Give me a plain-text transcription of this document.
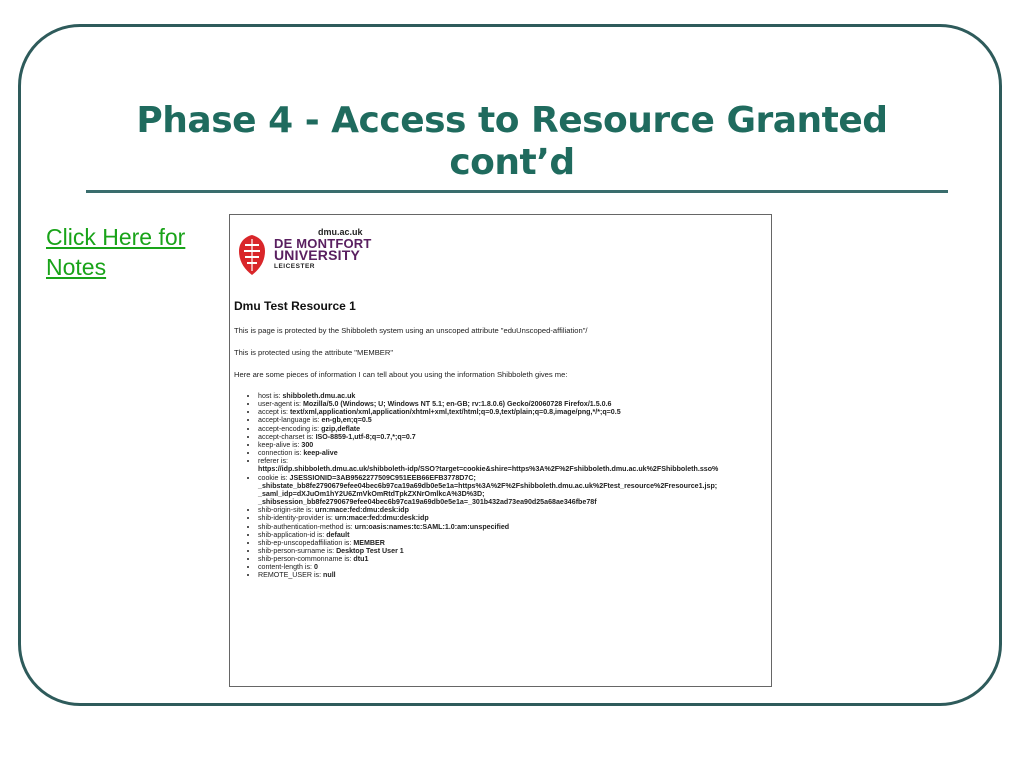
Phase 4 - Access to Resource Granted
cont’d
Click Here for Notes
dmu.ac.uk
DE MONTFORT
UNIVERSITY
LEICESTER
Dmu Test Resource 1
This is page is protected by the Shibboleth system using an unscoped attribute "eduUnscoped-affiliation"/
This is protected using the attribute "MEMBER"
Here are some pieces of information I can tell about you using the information Shibboleth gives me:
• host is: shibboleth.dmu.ac.uk
• user-agent is: Mozilla/5.0 (Windows; U; Windows NT 5.1; en-GB; rv:1.8.0.6) Gecko/20060728 Firefox/1.5.0.6
• accept is: text/xml,application/xml,application/xhtml+xml,text/html;q=0.9,text/plain;q=0.8,image/png,*/*;q=0.5
• accept-language is: en-gb,en;q=0.5
• accept-encoding is: gzip,deflate
• accept-charset is: ISO-8859-1,utf-8;q=0.7,*;q=0.7
• keep-alive is: 300
• connection is: keep-alive
• referer is:
https://idp.shibboleth.dmu.ac.uk/shibboleth-idp/SSO?target=cookie&shire=https%3A%2F%2Fshibboleth.dmu.ac.uk%2FShibboleth.sso%
• cookie is: JSESSIONID=3AB9562277509C951EEB66EFB3778D7C;
_shibstate_bb8fe2790679efee04bec6b97ca19a69db0e5e1a=https%3A%2F%2Fshibboleth.dmu.ac.uk%2Ftest_resource%2Fresource1.jsp;
_saml_idp=dXJuOm1hY2U6ZmVkOmRtdTpkZXNrOmlkcA%3D%3D;
_shibsession_bb8fe2790679efee04bec6b97ca19a69db0e5e1a=_301b432ad73ea90d25a68ae346fbe78f
• shib-origin-site is: urn:mace:fed:dmu:desk:idp
• shib-identity-provider is: urn:mace:fed:dmu:desk:idp
• shib-authentication-method is: urn:oasis:names:tc:SAML:1.0:am:unspecified
• shib-application-id is: default
• shib-ep-unscopedaffiliation is: MEMBER
• shib-person-surname is: Desktop Test User 1
• shib-person-commonname is: dtu1
• content-length is: 0
• REMOTE_USER is: null
